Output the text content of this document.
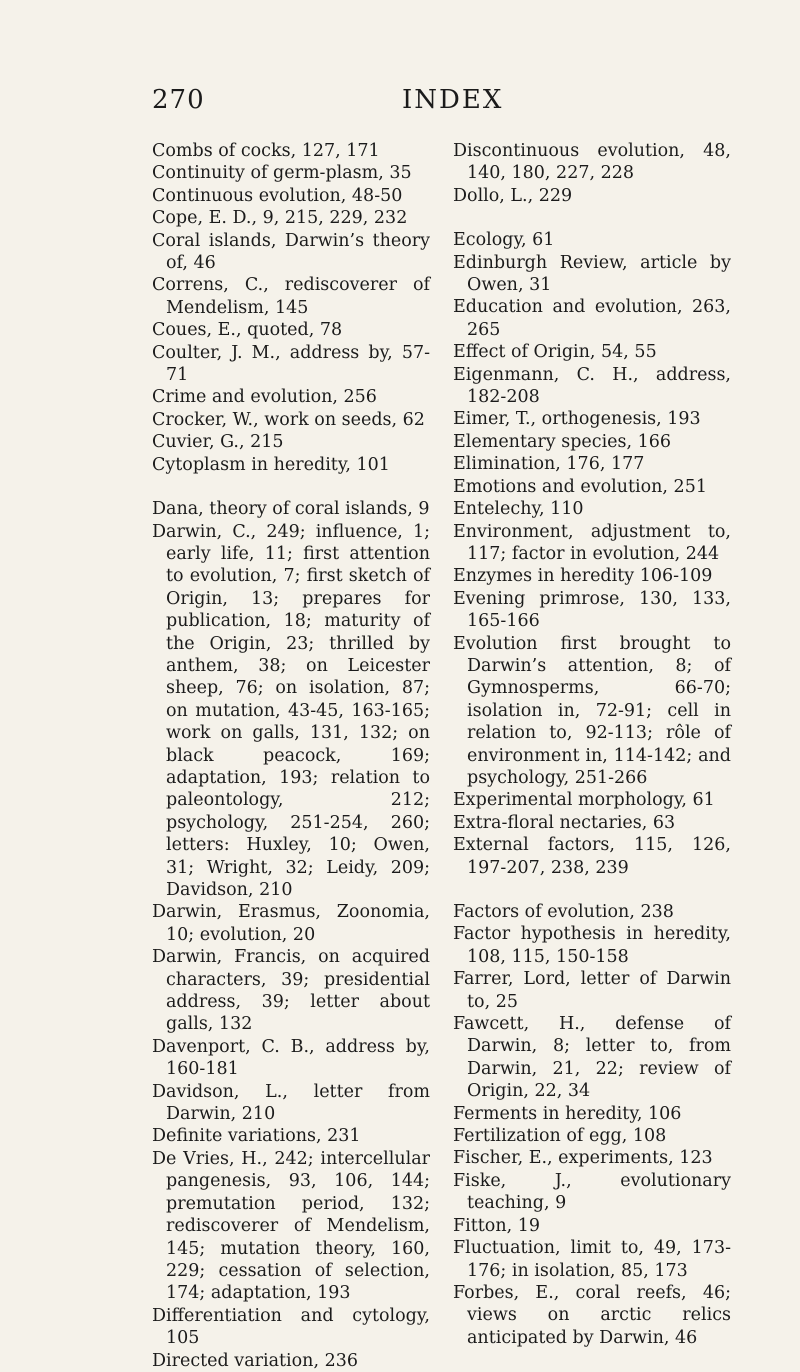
270	INDEX
Combs of cocks, 127, 171
Continuity of germ-plasm, 35
Continuous evolution, 48-50
Cope, E. D., 9, 215, 229, 232
Coral islands, Darwin’s theory of, 46
Correns, C., rediscoverer of Mendelism, 145
Coues, E., quoted, 78
Coulter, J. M., address by, 57-71
Crime and evolution, 256
Crocker, W., work on seeds, 62
Cuvier, G., 215
Cytoplasm in heredity, 101
Dana, theory of coral islands, 9
Darwin, C., 249; influence, 1; early life, 11; first attention to evolution, 7; first sketch of Origin, 13; prepares for publication, 18; maturity of the Origin, 23; thrilled by anthem, 38; on Leicester sheep, 76; on isolation, 87; on mutation, 43-45, 163-165; work on galls, 131, 132; on black peacock, 169; adaptation, 193; relation to paleontology, 212; psychology, 251-254, 260; letters: Huxley, 10; Owen, 31; Wright, 32; Leidy, 209; Davidson, 210
Darwin, Erasmus, Zoonomia, 10; evolution, 20
Darwin, Francis, on acquired characters, 39; presidential address, 39; letter about galls, 132
Davenport, C. B., address by, 160-181
Davidson, L., letter from Darwin, 210
Definite variations, 231
De Vries, H., 242; intercellular pangenesis, 93, 106, 144; premutation period, 132; rediscoverer of Mendelism, 145; mutation theory, 160, 229; cessation of selection, 174; adaptation, 193
Differentiation and cytology, 105
Directed variation, 236
Discontinuous evolution, 48, 140, 180, 227, 228
Dollo, L., 229
Ecology, 61
Edinburgh Review, article by Owen, 31
Education and evolution, 263, 265
Effect of Origin, 54, 55
Eigenmann, C. H., address, 182-208
Eimer, T., orthogenesis, 193
Elementary species, 166
Elimination, 176, 177
Emotions and evolution, 251
Entelechy, 110
Environment, adjustment to, 117; factor in evolution, 244
Enzymes in heredity 106-109
Evening primrose, 130, 133, 165-166
Evolution first brought to Darwin’s attention, 8; of Gymnosperms, 66-70; isolation in, 72-91; cell in relation to, 92-113; rôle of environment in, 114-142; and psychology, 251-266
Experimental morphology, 61
Extra-floral nectaries, 63
External factors, 115, 126, 197-207, 238, 239
Factors of evolution, 238
Factor hypothesis in heredity, 108, 115, 150-158
Farrer, Lord, letter of Darwin to, 25
Fawcett, H., defense of Darwin, 8; letter to, from Darwin, 21, 22; review of Origin, 22, 34
Ferments in heredity, 106
Fertilization of egg, 108
Fischer, E., experiments, 123
Fiske, J., evolutionary teaching, 9
Fitton, 19
Fluctuation, limit to, 49, 173-176; in isolation, 85, 173
Forbes, E., coral reefs, 46; views on arctic relics anticipated by Darwin, 46
